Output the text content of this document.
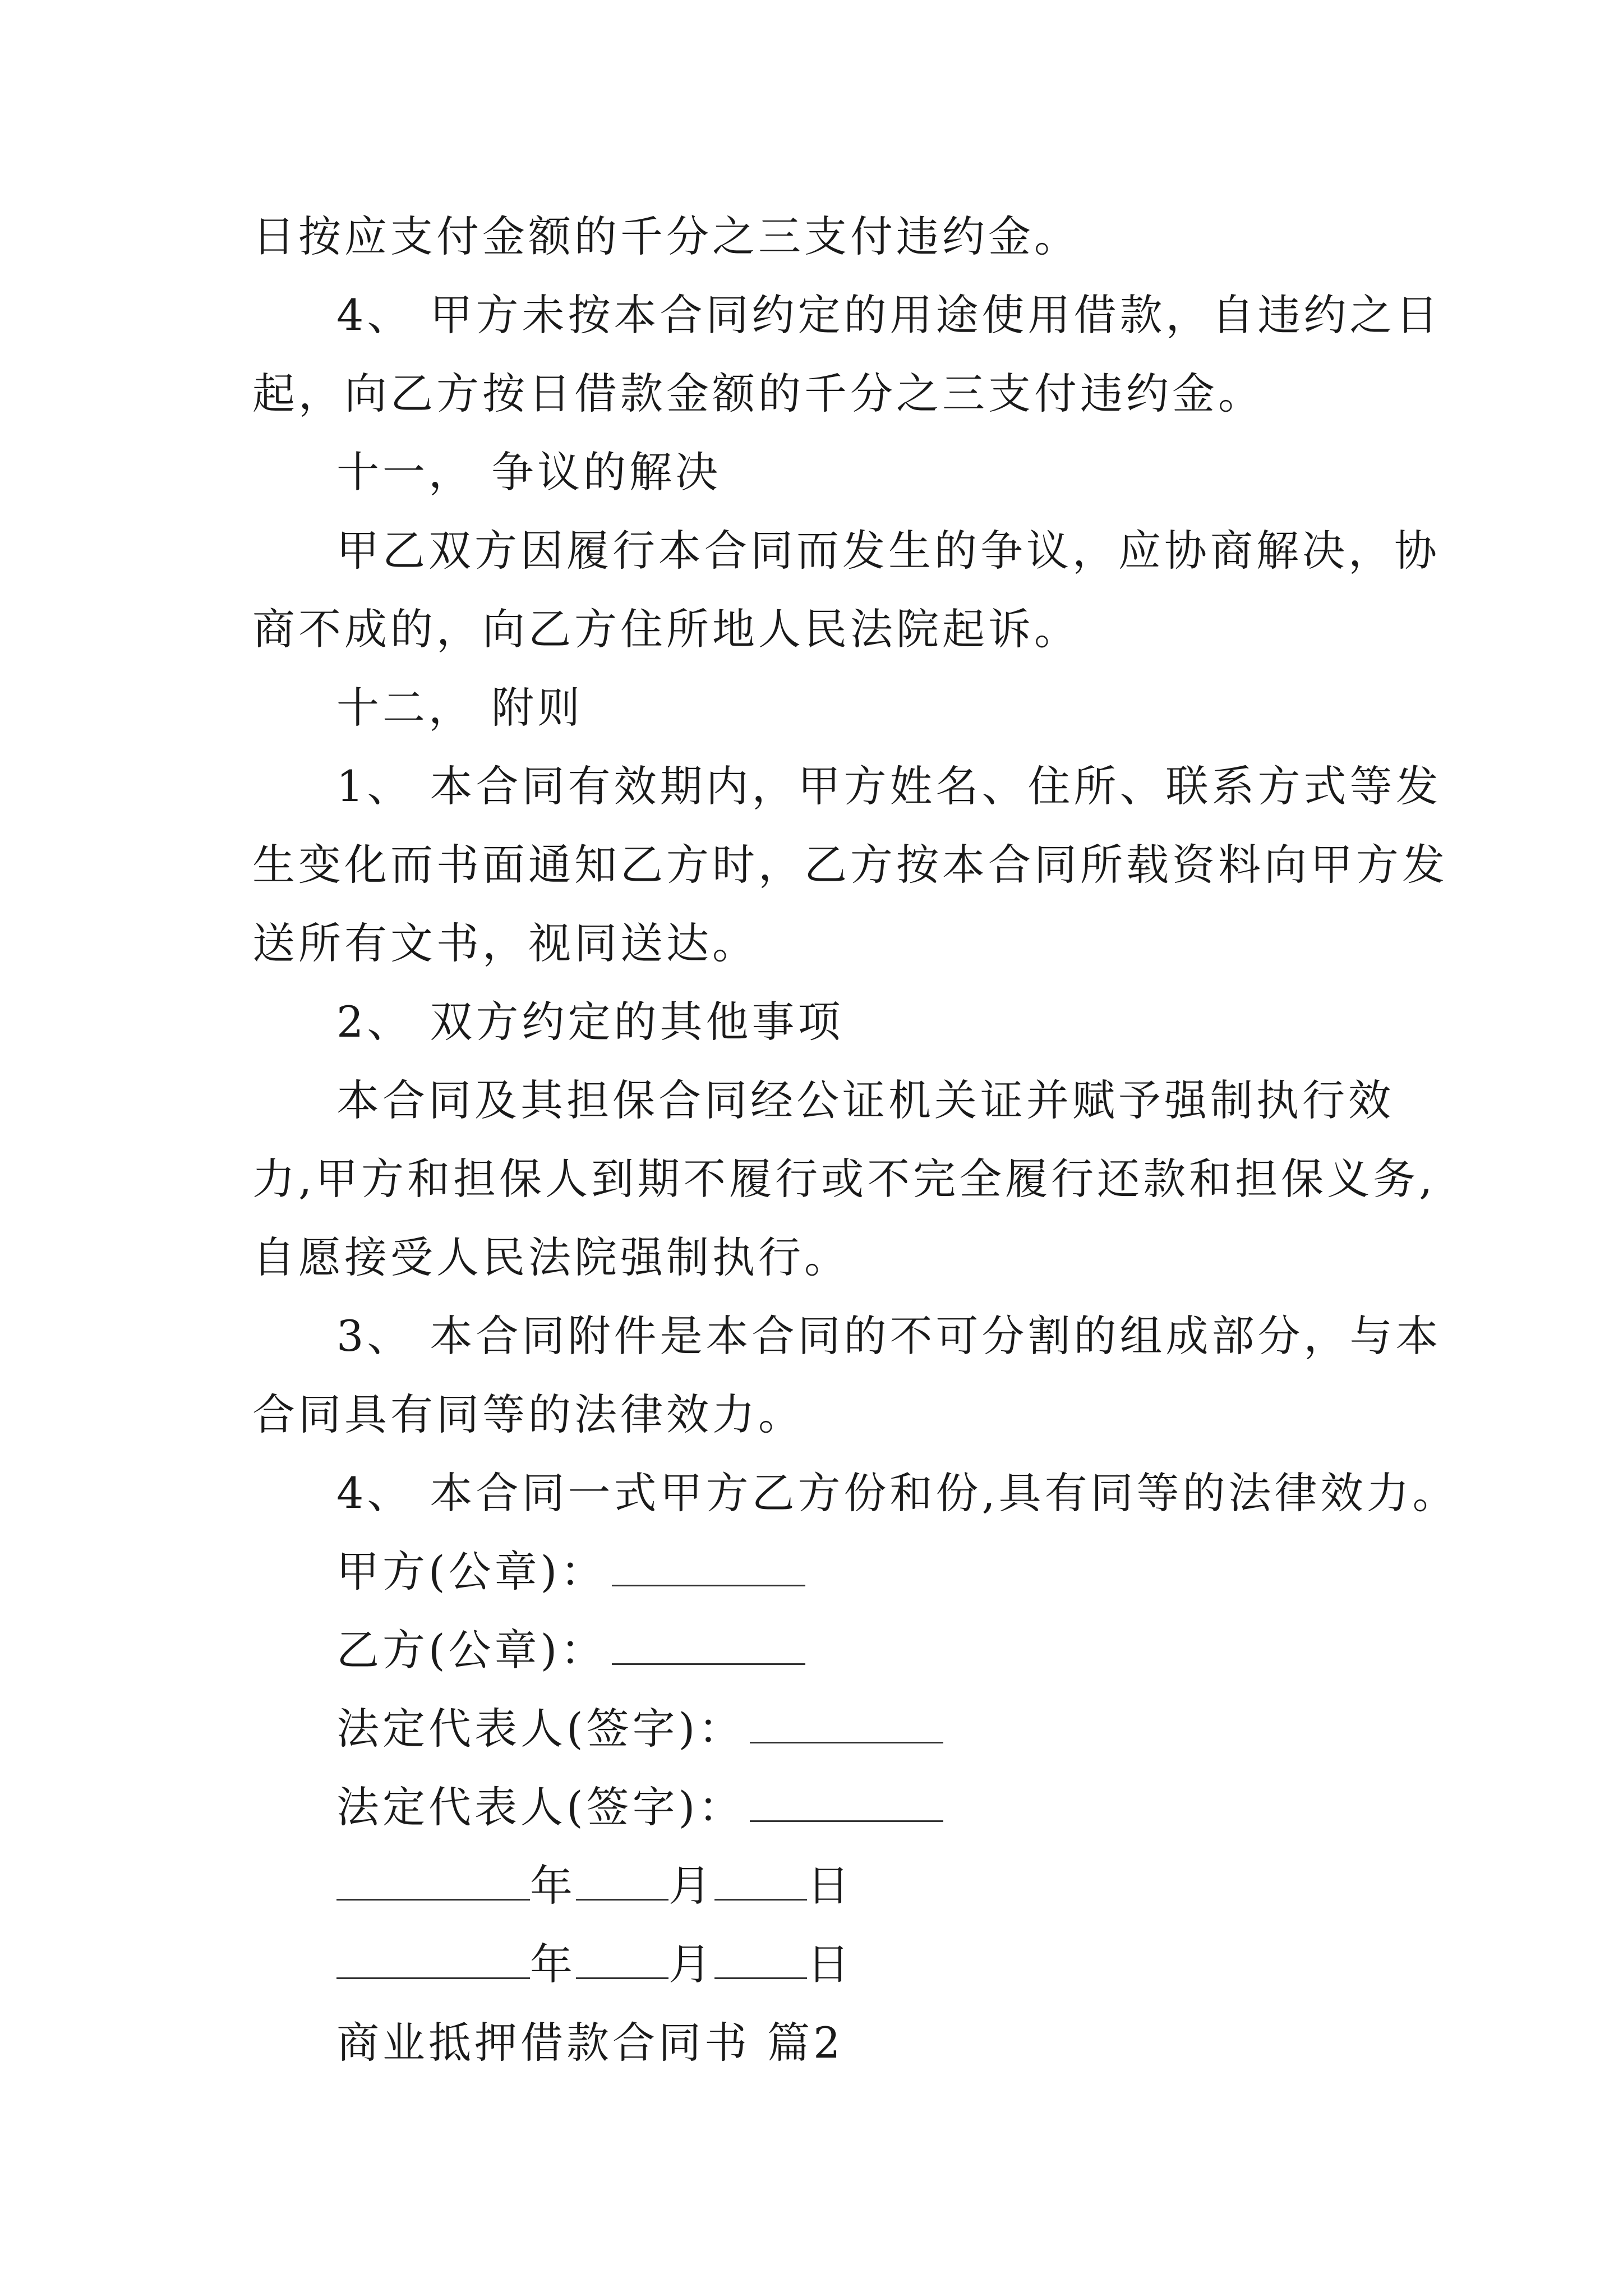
日按应支付金额的千分之三支付违约金。
4、 甲方未按本合同约定的用途使用借款，自违约之日
起，向乙方按日借款金额的千分之三支付违约金。
十一， 争议的解决
甲乙双方因履行本合同而发生的争议，应协商解决，协
商不成的，向乙方住所地人民法院起诉。
十二， 附则
1、 本合同有效期内，甲方姓名、住所、联系方式等发
生变化而书面通知乙方时，乙方按本合同所载资料向甲方发
送所有文书，视同送达。
2、 双方约定的其他事项
本合同及其担保合同经公证机关证并赋予强制执行效
力,甲方和担保人到期不履行或不完全履行还款和担保义务,
自愿接受人民法院强制执行。
3、 本合同附件是本合同的不可分割的组成部分，与本
合同具有同等的法律效力。
4、 本合同一式甲方乙方份和份,具有同等的法律效力。
甲方(公章)：
乙方(公章)：
法定代表人(签字)：
法定代表人(签字)：
年 月 日
年 月 日
商业抵押借款合同书 篇2
